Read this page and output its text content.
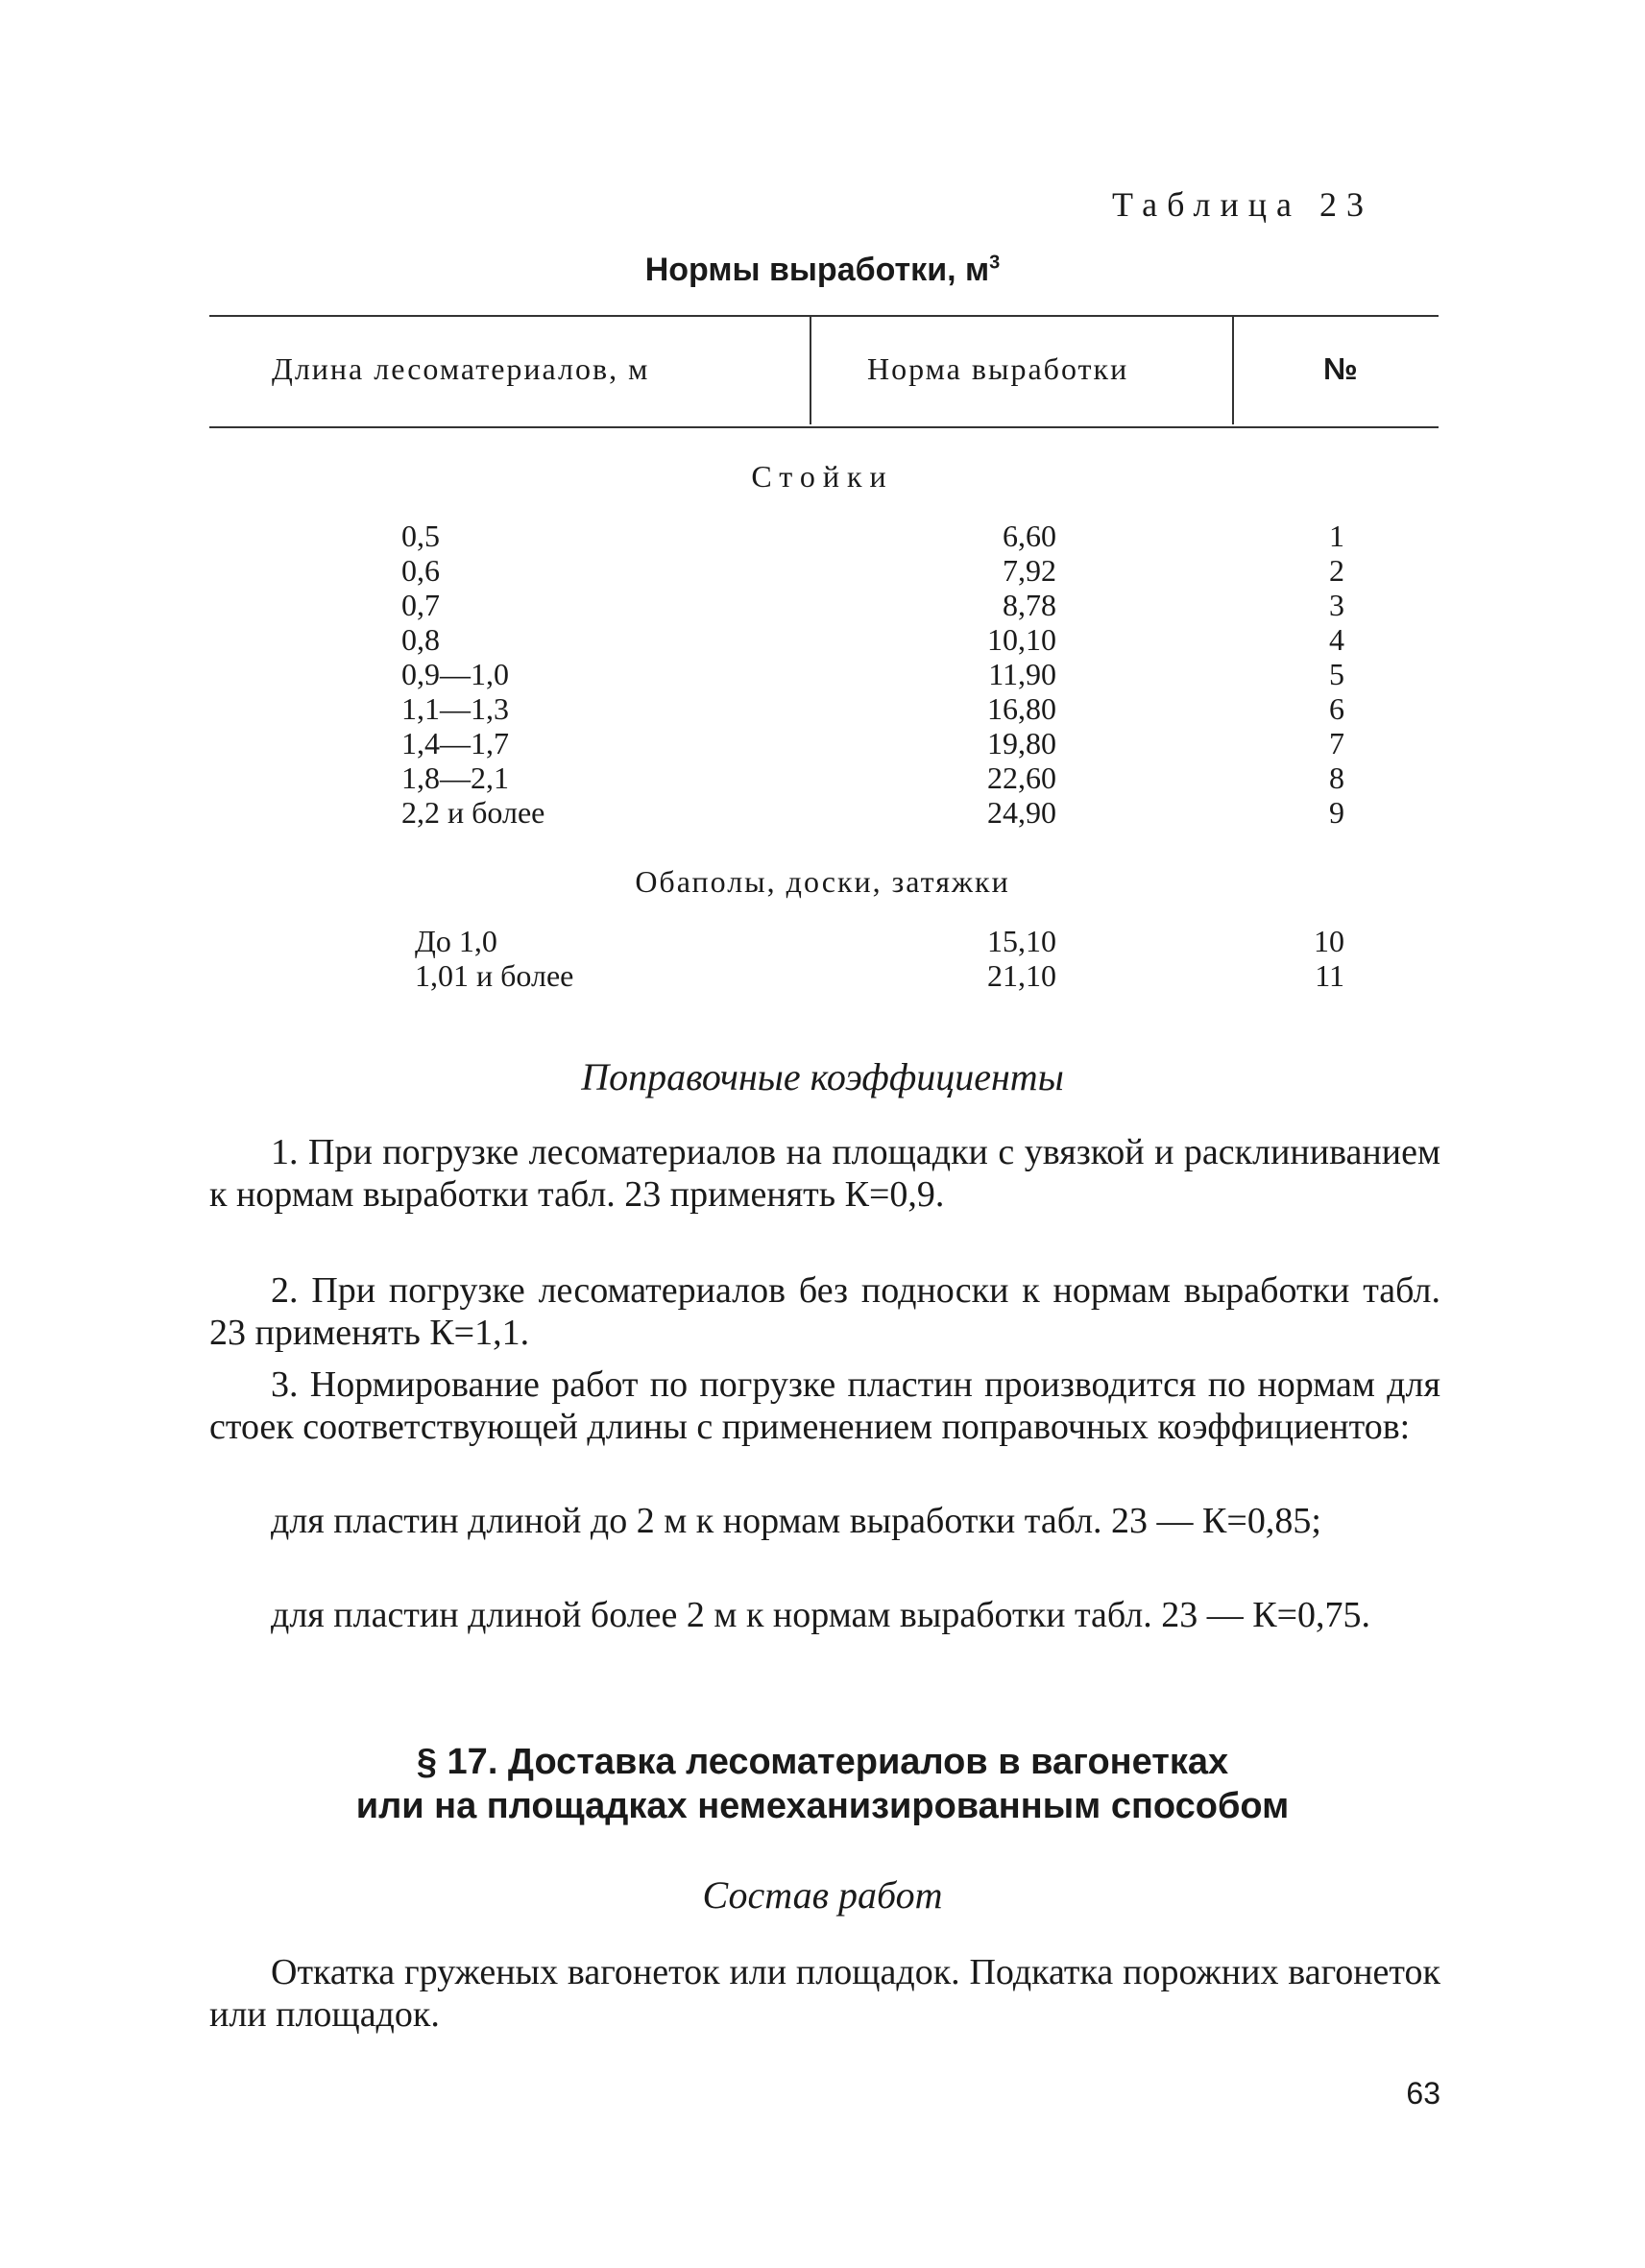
Таблица 23
Нормы выработки, $м^3$
Длина лесоматериалов, м	Норма выработки	№
Стойки
0,5	6,60	1
0,6	7,92	2
0,7	8,78	3
0,8	10,10	4
0,9—1,0	11,90	5
1,1—1,3	16,80	6
1,4—1,7	19,80	7
1,8—2,1	22,60	8
2,2 и более	24,90	9
Обаполы, доски, затяжки
До 1,0	15,10	10
1,01 и более	21,10	11
Поправочные коэффициенты
1. При погрузке лесоматериалов на площадки с увязкой и расклиниванием к нормам выработки табл. 23 применять К=0,9.
2. При погрузке лесоматериалов без подноски к нормам выработки табл. 23 применять К=1,1.
3. Нормирование работ по погрузке пластин производится по нормам для стоек соответствующей длины с применением поправочных коэффициентов:
для пластин длиной до 2 м к нормам выработки табл. 23 — К=0,85;
для пластин длиной более 2 м к нормам выработки табл. 23 — К=0,75.
§ 17. Доставка лесоматериалов в вагонетках
или на площадках немеханизированным способом
Состав работ
Откатка груженых вагонеток или площадок. Подкатка порожних вагонеток или площадок.
63
